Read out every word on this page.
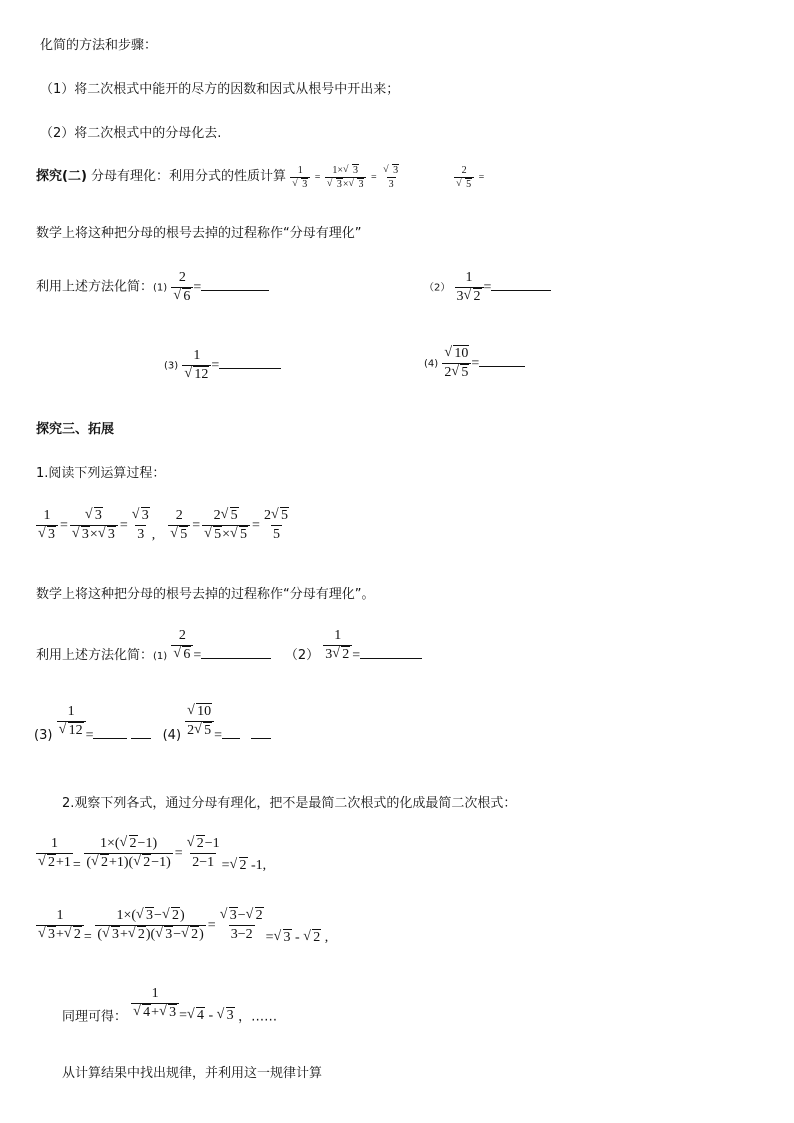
化简的方法和步骤：
（1）将二次根式中能开的尽方的因数和因式从根号中开出来；
（2）将二次根式中的分母化去.
探究(二) 分母有理化：利用分式的性质计算 1
√ 3 = 1× √ 3
√ 3× √ 3 = √ $\frac{3}{3}$
	2
√ 5 =
数学上将这种把分母的根号去掉的过程称作“分母有理化”
利用上述方法化简：(1) 2
√ 6 =	$(2) \frac{1}{3 √ 2}$ =
(3) 1
√ 12 =	(4) √ $\frac{10}{2 √ 5}$ =
探究三、拓展
1.阅读下列运算过程：
1
√ 3 = √ 3
√ 3× √ 3 = √ $\frac{3}{3}$ , 2
√ 5 = 2 √ 5
√ 5× √ $5 = \frac{2 √ 5}{5}$
数学上将这种把分母的根号去掉的过程称作“分母有理化”。
利用上述方法化简：$_{(1)}$ 2
√ 6 =	$(2) \frac{1}{3 √ 2}$ =
(3) 1
√ 12 =	(4) √ $\frac{10}{2 √ 5}$ =
2.观察下列各式，通过分母有理化，把不是最简二次根式的化成最简二次根式：
1
√ $2+1 = \frac{1\times( √ 2-1)}{( √ 2+1)( √ 2-1)}$ = √ $\frac{2-1}{2-1}$ = √ 2 -1,
1
√ 3+ √ $2 = \frac{1\times( √ 3- √ 2)}{( √ 3+ √ 2)( √ 3- √ 2)}$ = √ $\frac{3- √ 2}{3-2}$ = √ 3 - √ 2 ,
同理可得： 1
√ 4+ √ 3 = √ 4 - √ 3 ，……
从计算结果中找出规律，并利用这一规律计算
